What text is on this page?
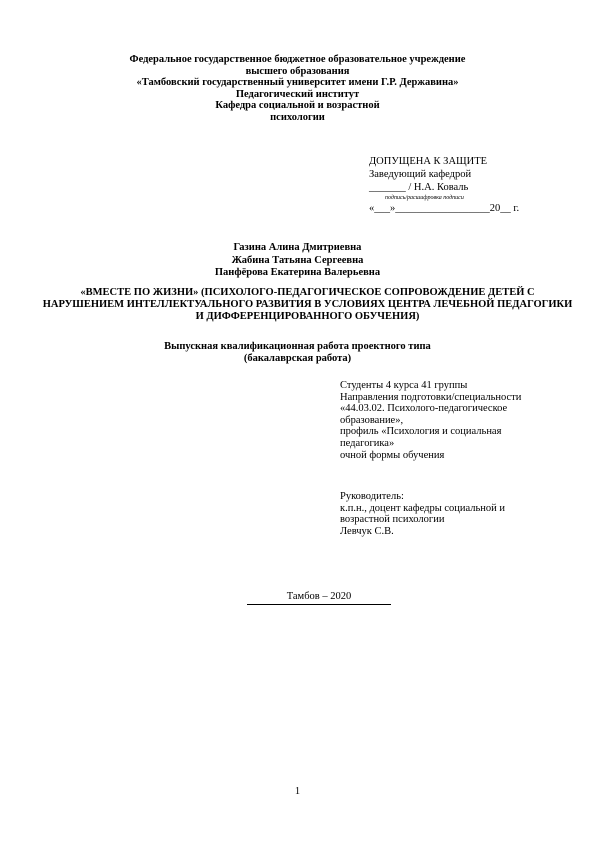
Федеральное государственное бюджетное образовательное учреждение
высшего образования
«Тамбовский государственный университет имени Г.Р. Державина»
Педагогический институт
Кафедра социальной и возрастной
психологии
ДОПУЩЕНА К ЗАЩИТЕ
Заведующий кафедрой
_______ / Н.А. Коваль
подпись/расшифровка подписи
«___»__________________20__ г.
Газина Алина Дмитриевна
Жабина Татьяна Сергеевна
Панфёрова Екатерина Валерьевна
«ВМЕСТЕ ПО ЖИЗНИ» (ПСИХОЛОГО-ПЕДАГОГИЧЕСКОЕ СОПРОВОЖДЕНИЕ ДЕТЕЙ С НАРУШЕНИЕМ ИНТЕЛЛЕКТУАЛЬНОГО РАЗВИТИЯ В УСЛОВИЯХ ЦЕНТРА ЛЕЧЕБНОЙ ПЕДАГОГИКИ И ДИФФЕРЕНЦИРОВАННОГО ОБУЧЕНИЯ)
Выпускная квалификационная работа проектного типа
(бакалаврская работа)
Студенты 4 курса 41 группы
Направления подготовки/специальности
«44.03.02. Психолого-педагогическое
образование»,
профиль «Психология и социальная
педагогика»
очной формы обучения
Руководитель:
к.п.н., доцент кафедры социальной и
возрастной психологии
Левчук С.В.
Тамбов – 2020
1
